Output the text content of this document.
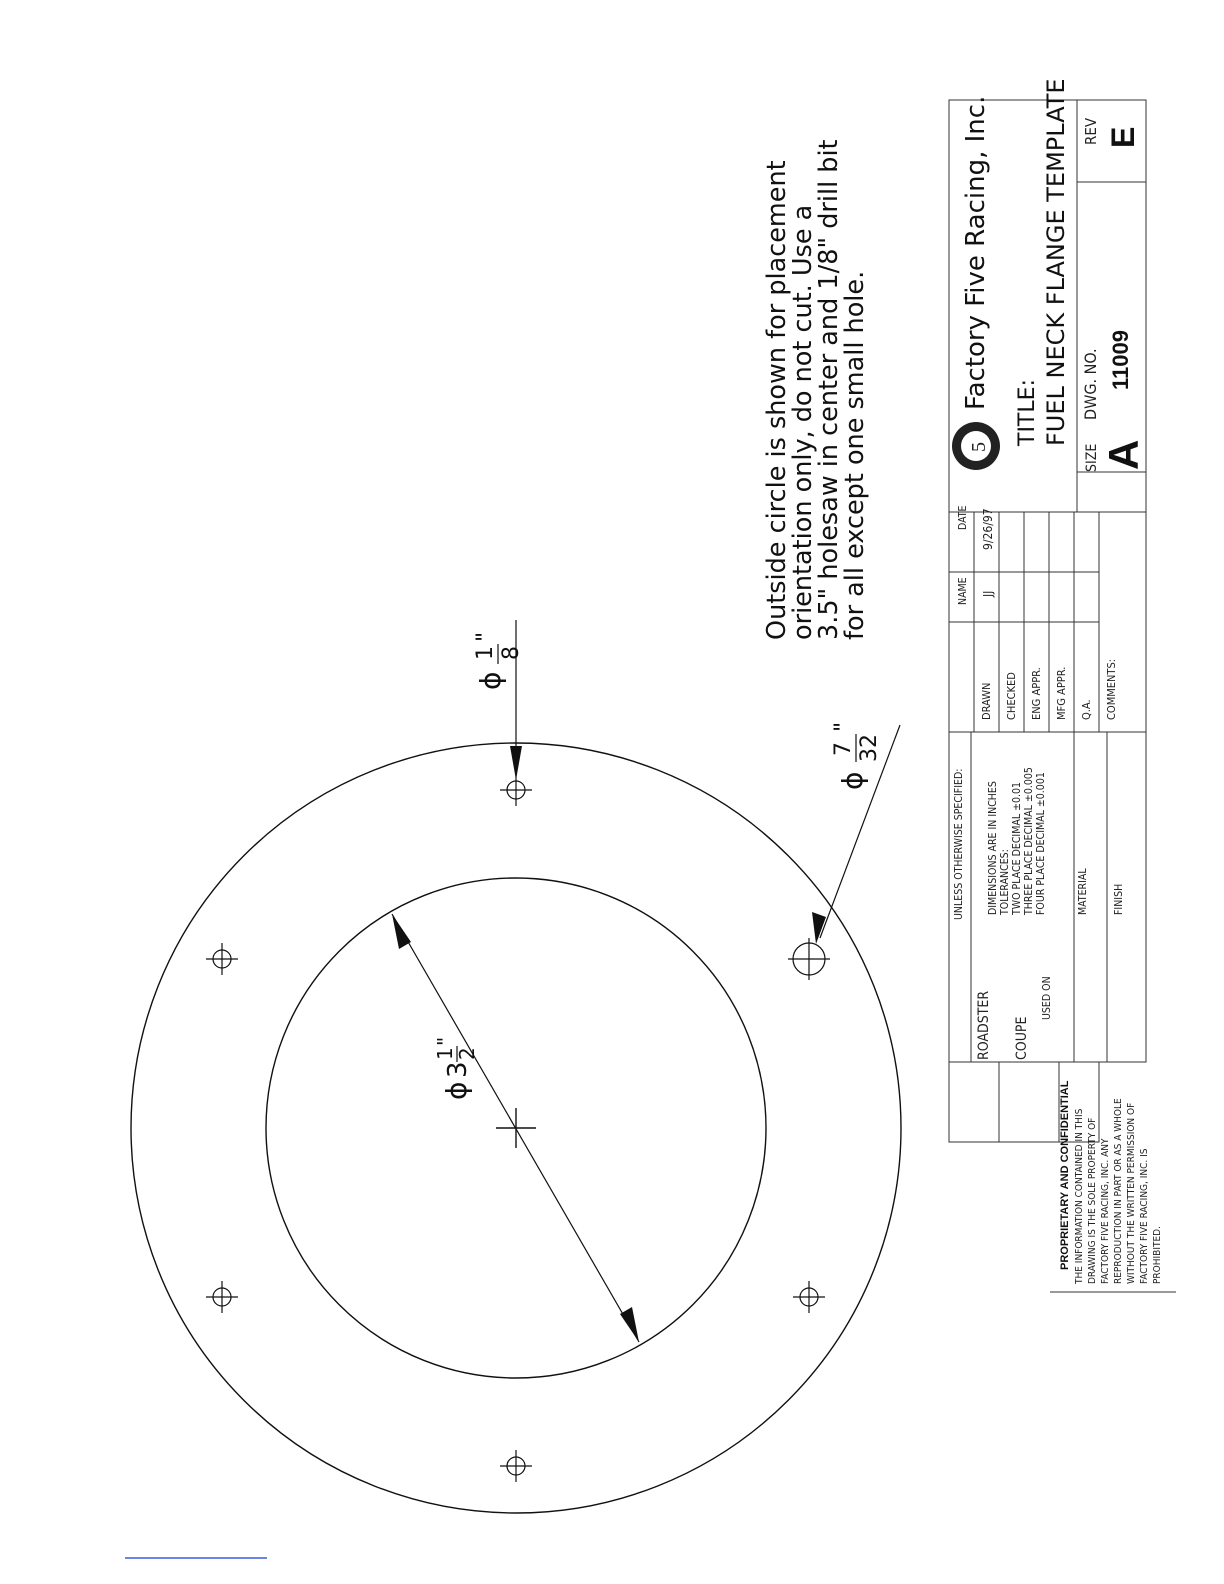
ϕ
1 8
"
ϕ
7 32
"
ϕ
3
1
2
"
Outside circle is shown for placement
orientation only, do not cut. Use a
3.5" holesaw in center and 1/8" drill bit
for all except one small hole.
UNLESS OTHERWISE SPECIFIED: DIMENSIONS ARE IN INCHES TOLERANCES: TWO PLACE DECIMAL ±0.01 THREE PLACE DECIMAL ±0.005 FOUR PLACE DECIMAL ±0.001	MATERIAL FINISH
DRAWN CHECKED ENG APPR. MFG APPR. Q.A. COMMENTS:
NAME
DATE
JJ
9/26/97
ROADSTER COUPE
USED ON
5
Factory Five Racing, Inc.
TITLE: FUEL NECK FLANGE TEMPLATE
SIZE A
DWG. NO. 11009
REV E
PROPRIETARY AND CONFIDENTIAL THE INFORMATION CONTAINED IN THIS DRAWING IS THE SOLE PROPERTY OF FACTORY FIVE RACING, INC. ANY REPRODUCTION IN PART OR AS A WHOLE WITHOUT THE WRITTEN PERMISSION OF FACTORY FIVE RACING, INC. IS PROHIBITED.
